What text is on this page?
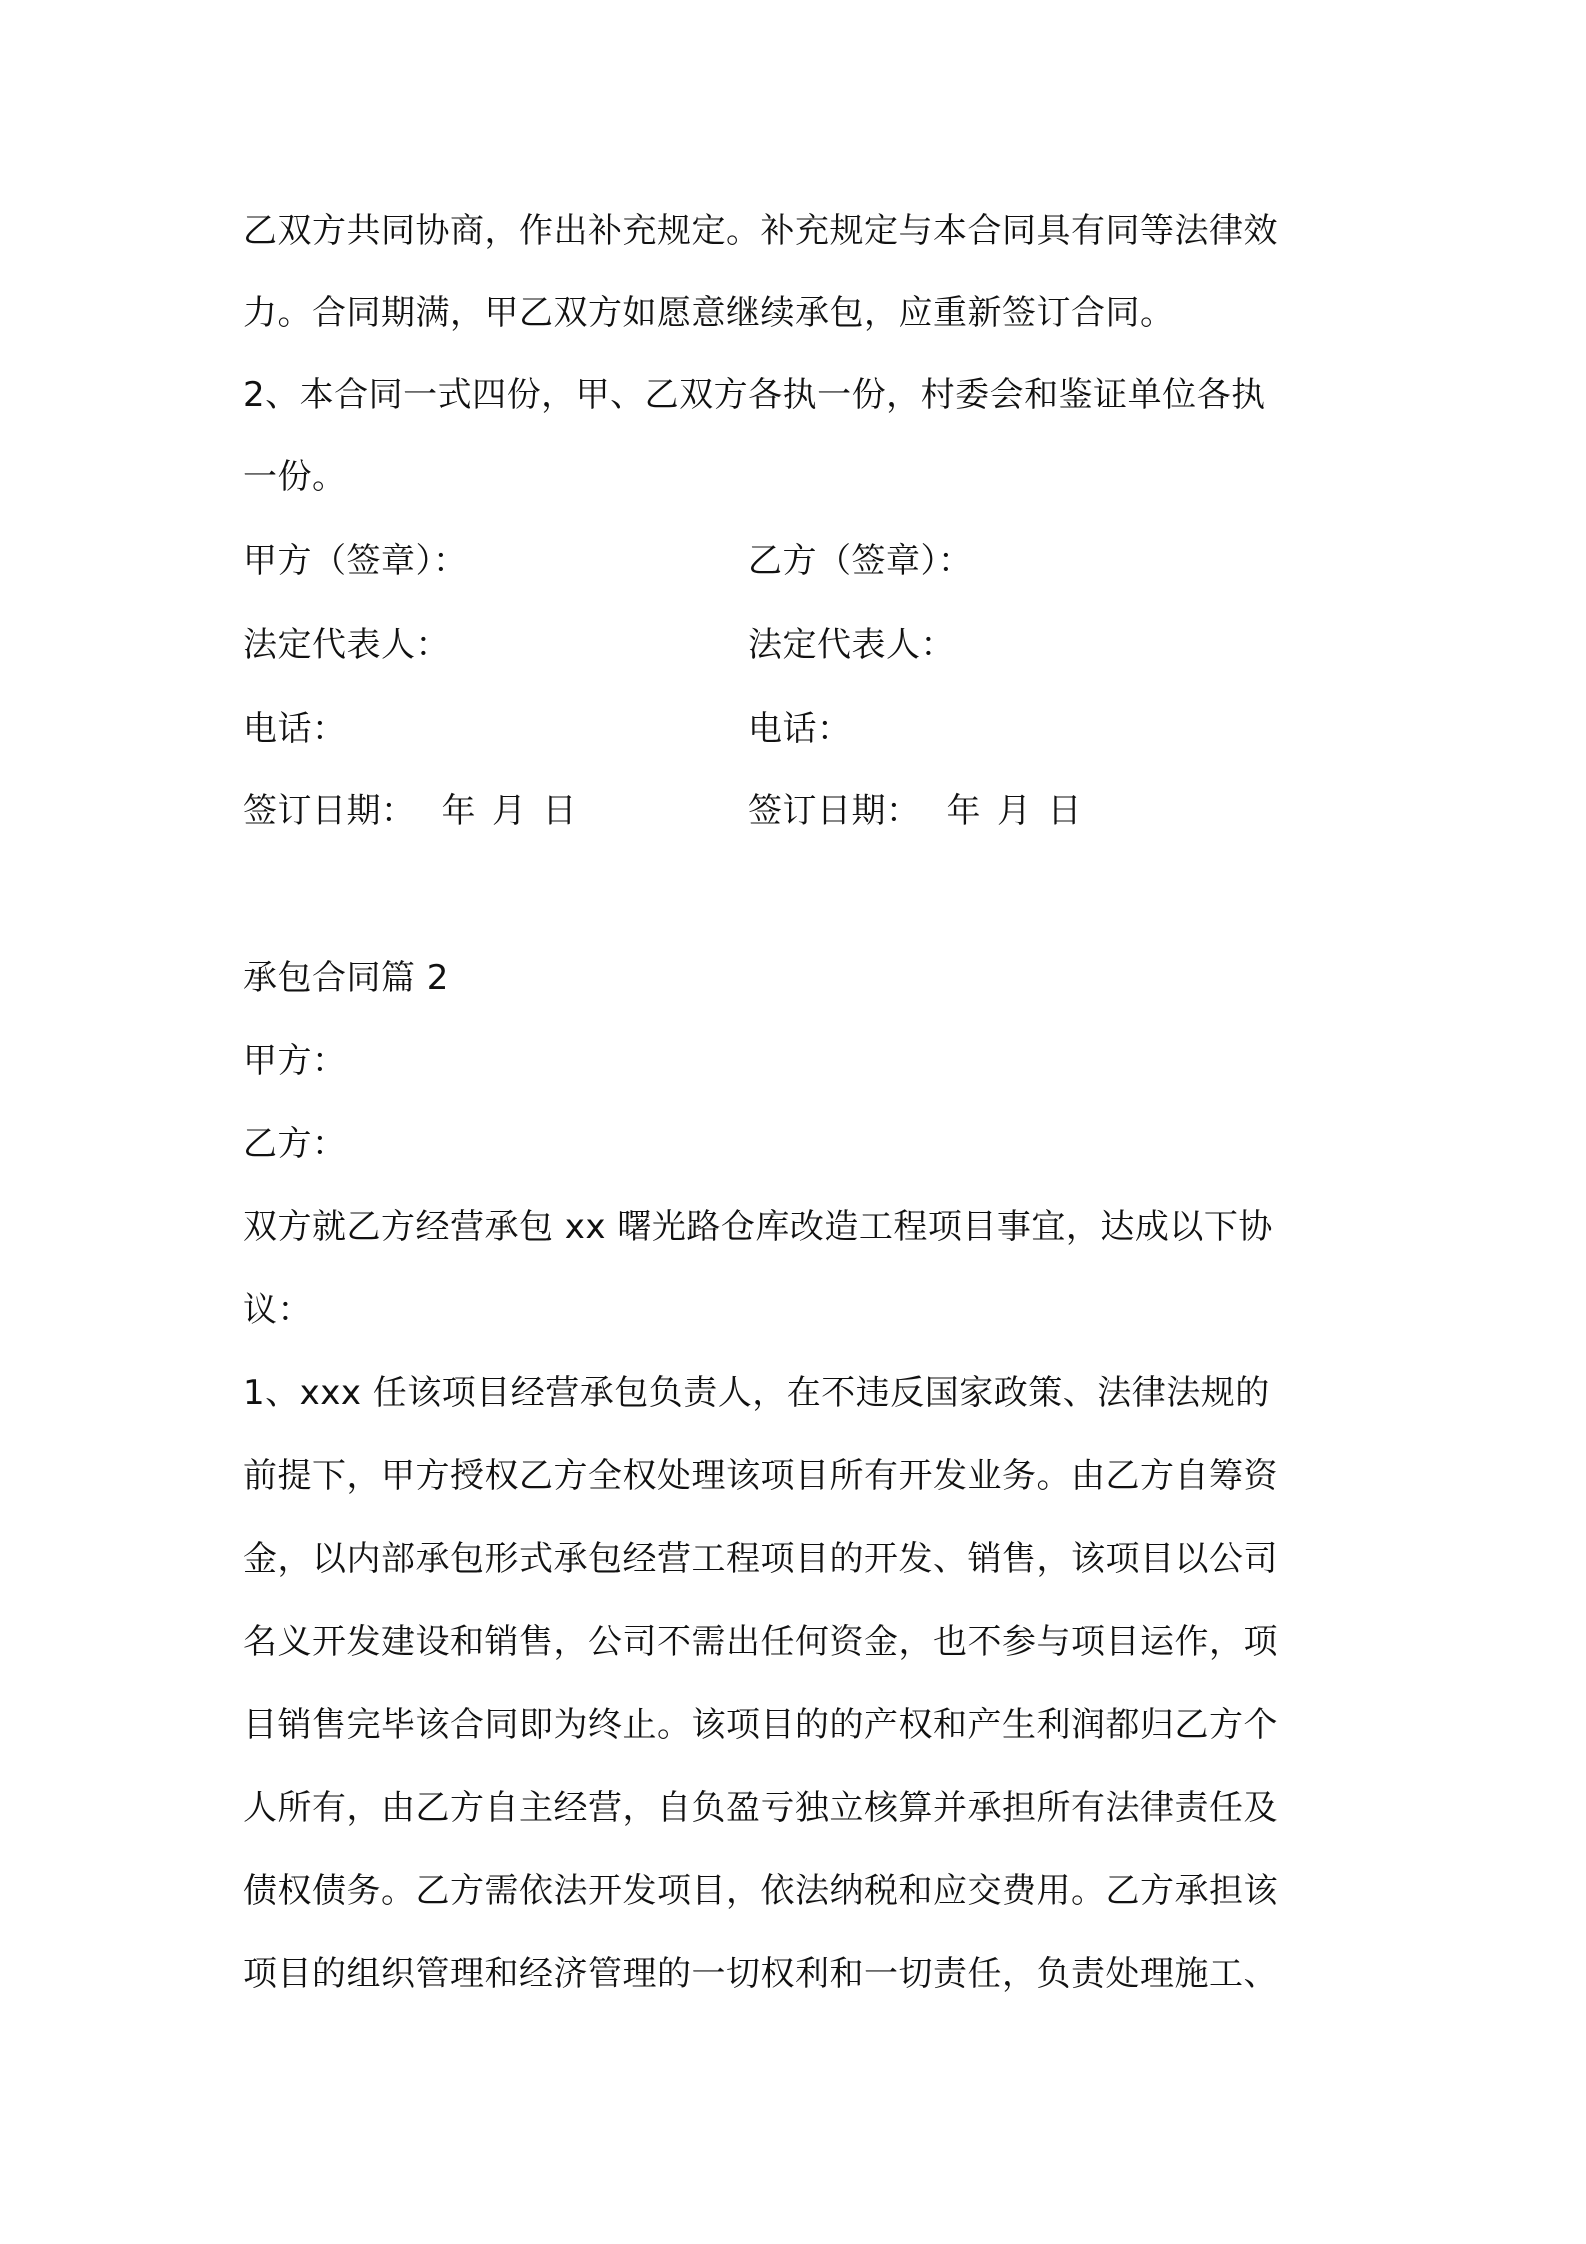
乙双方共同协商，作出补充规定。补充规定与本合同具有同等法律效
力。合同期满，甲乙双方如愿意继续承包，应重新签订合同。
2、本合同一式四份，甲、乙双方各执一份，村委会和鉴证单位各执
一份。
甲方（签章）：	乙方（签章）：
法定代表人：	法定代表人：
电话：	电话：
签订日期： 年 月 日	签订日期： 年 月 日
承包合同篇 2
甲方：
乙方：
双方就乙方经营承包 xx 曙光路仓库改造工程项目事宜，达成以下协
议：
1、xxx 任该项目经营承包负责人，在不违反国家政策、法律法规的
前提下，甲方授权乙方全权处理该项目所有开发业务。由乙方自筹资
金，以内部承包形式承包经营工程项目的开发、销售，该项目以公司
名义开发建设和销售，公司不需出任何资金，也不参与项目运作，项
目销售完毕该合同即为终止。该项目的的产权和产生利润都归乙方个
人所有，由乙方自主经营，自负盈亏独立核算并承担所有法律责任及
债权债务。乙方需依法开发项目，依法纳税和应交费用。乙方承担该
项目的组织管理和经济管理的一切权利和一切责任，负责处理施工、
